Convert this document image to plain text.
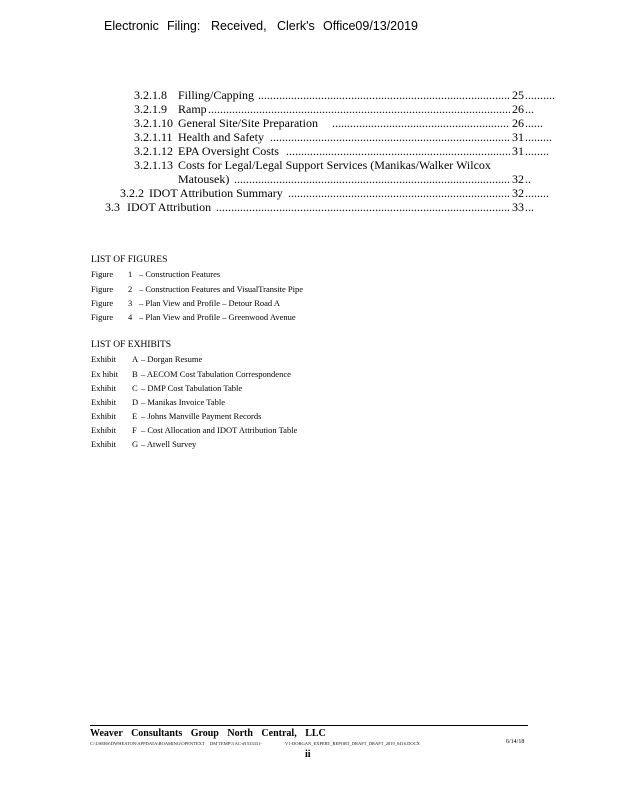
Electronic Filing: Received, Clerk's Office09/13/2019
3.2.1.8 Filling/Capping .....	25 ..........
3.2.1.9 Ramp .....	26 ...
3.2.1.10 General Site/Site Preparation .....	26 ......
3.2.1.11 Health and Safety .....	31 .........
3.2.1.12 EPA Oversight Costs .....	31 ........
3.2.1.13 Costs for Legal/Legal Support Services (Manikas/Walker Wilcox
Matousek) .....	32 ..
3.2.2 IDOT Attribution Summary .....	32 ........
3.3 IDOT Attribution .....	33 ...
LIST OF FIGURES
Figure 1 – Construction Features
Figure 2 – Construction Features and VisualTransite Pipe
Figure 3 – Plan View and Profile – Detour Road A
Figure 4 – Plan View and Profile – Greenwood Avenue
LIST OF EXHIBITS
Exhibit A – Dorgan Resume
Ex hibit B – AECOM Cost Tabulation Correspondence
Exhibit C – DMP Cost Tabulation Table
Exhibit D – Manikas Invoice Table
Exhibit E – Johns Manville Payment Records
Exhibit F – Cost Allocation and IDOT Attribution Table
Exhibit G – Atwell Survey
Weaver Consultants Group North Central, LLC
C:\USERS\DWHEATON\APPDATA\ROAMING\OPENTEXT DM TEMP\3 AC-#1533331-	V1-DORGAN_EXPERT_REPORT_DRAFT_DRAFT_2019_0416.DOCX	6/14/18
ii
